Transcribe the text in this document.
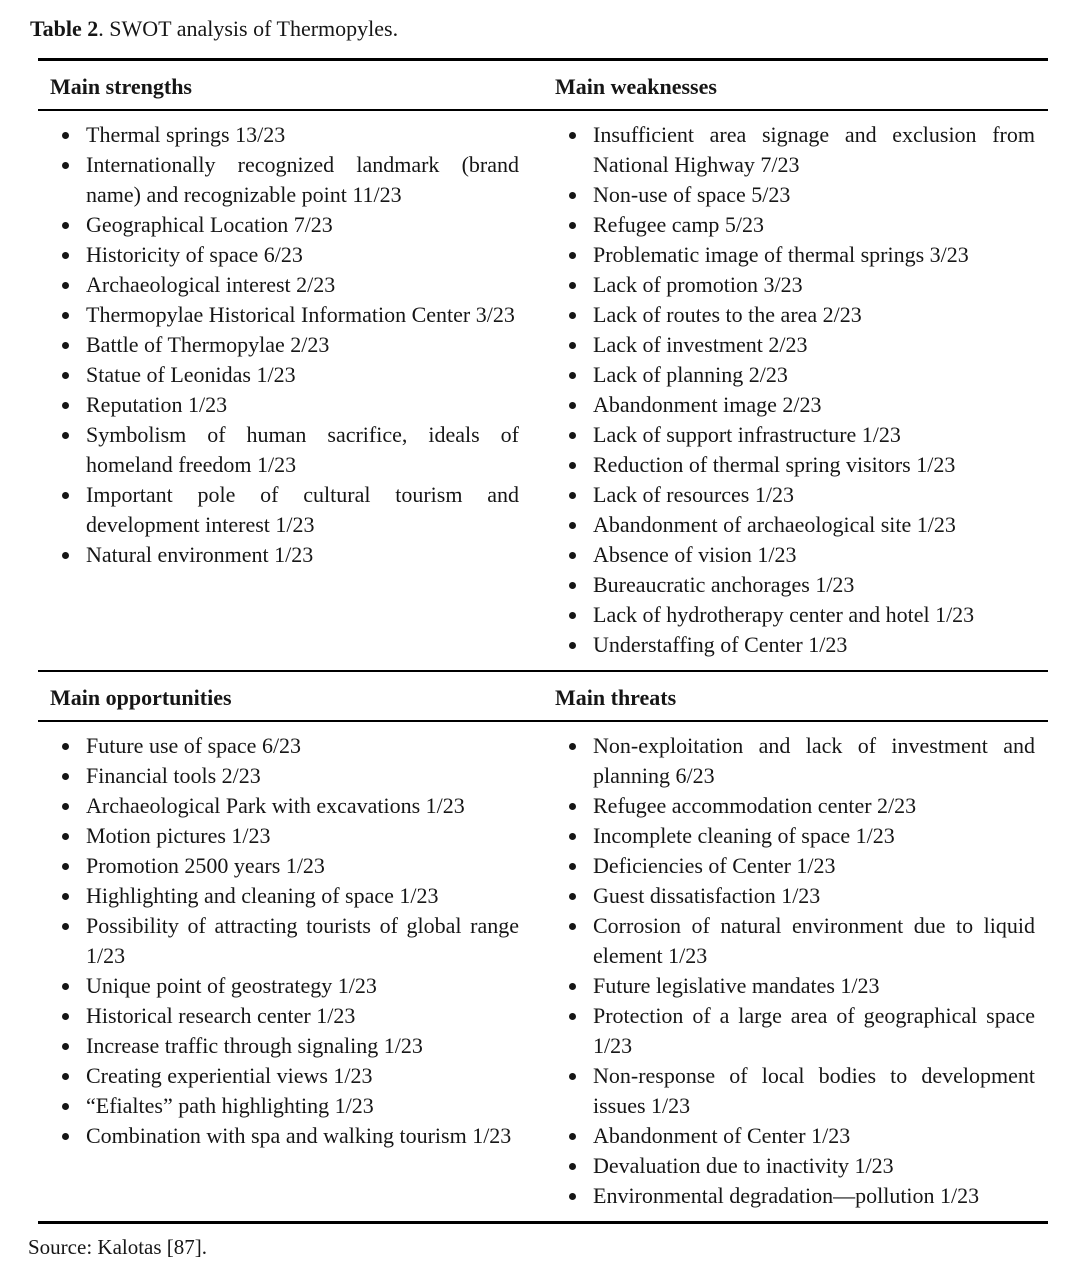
Table 2. SWOT analysis of Thermopyles.

Main strengths	Main weaknesses
• Thermal springs 13/23
• Internationally recognized landmark (brand name) and recognizable point 11/23
• Geographical Location 7/23
• Historicity of space 6/23
• Archaeological interest 2/23
• Thermopylae Historical Information Center 3/23
• Battle of Thermopylae 2/23
• Statue of Leonidas 1/23
• Reputation 1/23
• Symbolism of human sacrifice, ideals of homeland freedom 1/23
• Important pole of cultural tourism and development interest 1/23
• Natural environment 1/23
• Insufficient area signage and exclusion from National Highway 7/23
• Non-use of space 5/23
• Refugee camp 5/23
• Problematic image of thermal springs 3/23
• Lack of promotion 3/23
• Lack of routes to the area 2/23
• Lack of investment 2/23
• Lack of planning 2/23
• Abandonment image 2/23
• Lack of support infrastructure 1/23
• Reduction of thermal spring visitors 1/23
• Lack of resources 1/23
• Abandonment of archaeological site 1/23
• Absence of vision 1/23
• Bureaucratic anchorages 1/23
• Lack of hydrotherapy center and hotel 1/23
• Understaffing of Center 1/23
Main opportunities	Main threats
• Future use of space 6/23
• Financial tools 2/23
• Archaeological Park with excavations 1/23
• Motion pictures 1/23
• Promotion 2500 years 1/23
• Highlighting and cleaning of space 1/23
• Possibility of attracting tourists of global range 1/23
• Unique point of geostrategy 1/23
• Historical research center 1/23
• Increase traffic through signaling 1/23
• Creating experiential views 1/23
• “Efialtes” path highlighting 1/23
• Combination with spa and walking tourism 1/23
• Non-exploitation and lack of investment and planning 6/23
• Refugee accommodation center 2/23
• Incomplete cleaning of space 1/23
• Deficiencies of Center 1/23
• Guest dissatisfaction 1/23
• Corrosion of natural environment due to liquid element 1/23
• Future legislative mandates 1/23
• Protection of a large area of geographical space 1/23
• Non-response of local bodies to development issues 1/23
• Abandonment of Center 1/23
• Devaluation due to inactivity 1/23
• Environmental degradation—pollution 1/23

Source: Kalotas [87].
